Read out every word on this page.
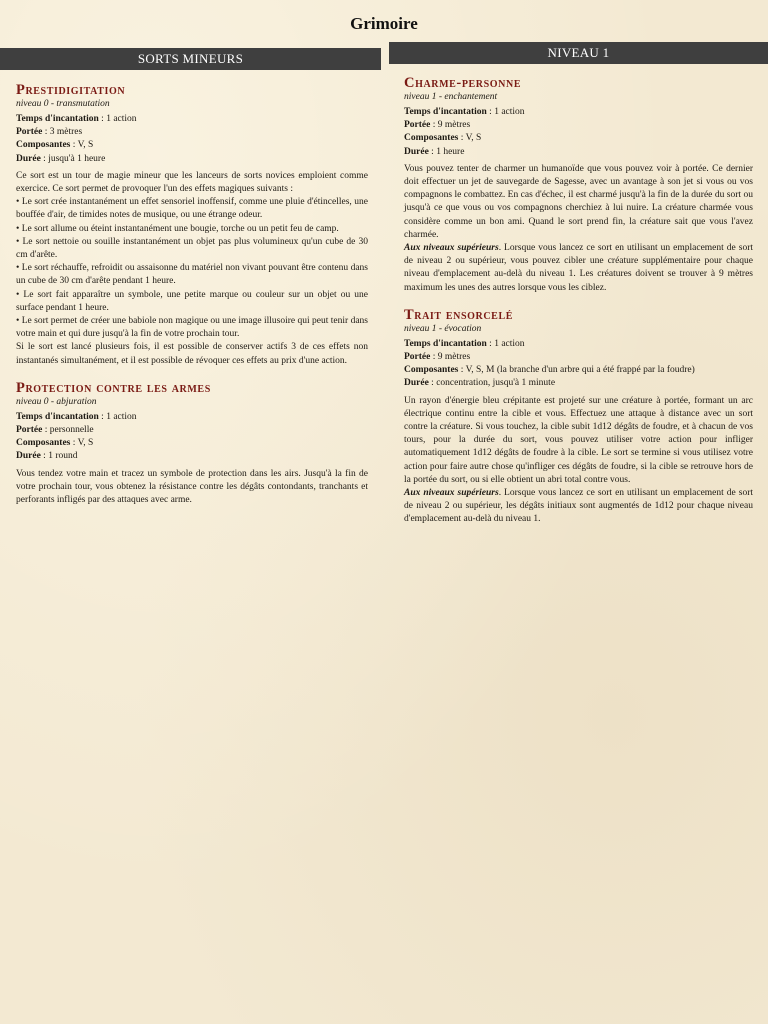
Grimoire
SORTS MINEURS
Prestidigitation
niveau 0 - transmutation
Temps d'incantation : 1 action
Portée : 3 mètres
Composantes : V, S
Durée : jusqu'à 1 heure

Ce sort est un tour de magie mineur que les lanceurs de sorts novices emploient comme exercice. Ce sort permet de provoquer l'un des effets magiques suivants :

• Le sort crée instantanément un effet sensoriel inoffensif, comme une pluie d'étincelles, une bouffée d'air, de timides notes de musique, ou une étrange odeur.

• Le sort allume ou éteint instantanément une bougie, torche ou un petit feu de camp.

• Le sort nettoie ou souille instantanément un objet pas plus volumineux qu'un cube de 30 cm d'arête.

• Le sort réchauffe, refroidit ou assaisonne du matériel non vivant pouvant être contenu dans un cube de 30 cm d'arête pendant 1 heure.

• Le sort fait apparaître un symbole, une petite marque ou couleur sur un objet ou une surface pendant 1 heure.

• Le sort permet de créer une babiole non magique ou une image illusoire qui peut tenir dans votre main et qui dure jusqu'à la fin de votre prochain tour.

Si le sort est lancé plusieurs fois, il est possible de conserver actifs 3 de ces effets non instantanés simultanément, et il est possible de révoquer ces effets au prix d'une action.

Protection contre les armes
niveau 0 - abjuration
Temps d'incantation : 1 action
Portée : personnelle
Composantes : V, S
Durée : 1 round

Vous tendez votre main et tracez un symbole de protection dans les airs. Jusqu'à la fin de votre prochain tour, vous obtenez la résistance contre les dégâts contondants, tranchants et perforants infligés par des attaques avec arme.

NIVEAU 1
Charme-personne
niveau 1 - enchantement
Temps d'incantation : 1 action
Portée : 9 mètres
Composantes : V, S
Durée : 1 heure

Vous pouvez tenter de charmer un humanoïde que vous pouvez voir à portée. Ce dernier doit effectuer un jet de sauvegarde de Sagesse, avec un avantage à son jet si vous ou vos compagnons le combattez. En cas d'échec, il est charmé jusqu'à la fin de la durée du sort ou jusqu'à ce que vous ou vos compagnons cherchiez à lui nuire. La créature charmée vous considère comme un bon ami. Quand le sort prend fin, la créature sait que vous l'avez charmée.

Aux niveaux supérieurs. Lorsque vous lancez ce sort en utilisant un emplacement de sort de niveau 2 ou supérieur, vous pouvez cibler une créature supplémentaire pour chaque niveau d'emplacement au-delà du niveau 1. Les créatures doivent se trouver à 9 mètres maximum les unes des autres lorsque vous les ciblez.

Trait ensorcelé
niveau 1 - évocation
Temps d'incantation : 1 action
Portée : 9 mètres
Composantes : V, S, M (la branche d'un arbre qui a été frappé par la foudre)
Durée : concentration, jusqu'à 1 minute

Un rayon d'énergie bleu crépitante est projeté sur une créature à portée, formant un arc électrique continu entre la cible et vous. Effectuez une attaque à distance avec un sort contre la créature. Si vous touchez, la cible subit 1d12 dégâts de foudre, et à chacun de vos tours, pour la durée du sort, vous pouvez utiliser votre action pour infliger automatiquement 1d12 dégâts de foudre à la cible. Le sort se termine si vous utilisez votre action pour faire autre chose qu'infliger ces dégâts de foudre, si la cible se retrouve hors de la portée du sort, ou si elle obtient un abri total contre vous.

Aux niveaux supérieurs. Lorsque vous lancez ce sort en utilisant un emplacement de sort de niveau 2 ou supérieur, les dégâts initiaux sont augmentés de 1d12 pour chaque niveau d'emplacement au-delà du niveau 1.
